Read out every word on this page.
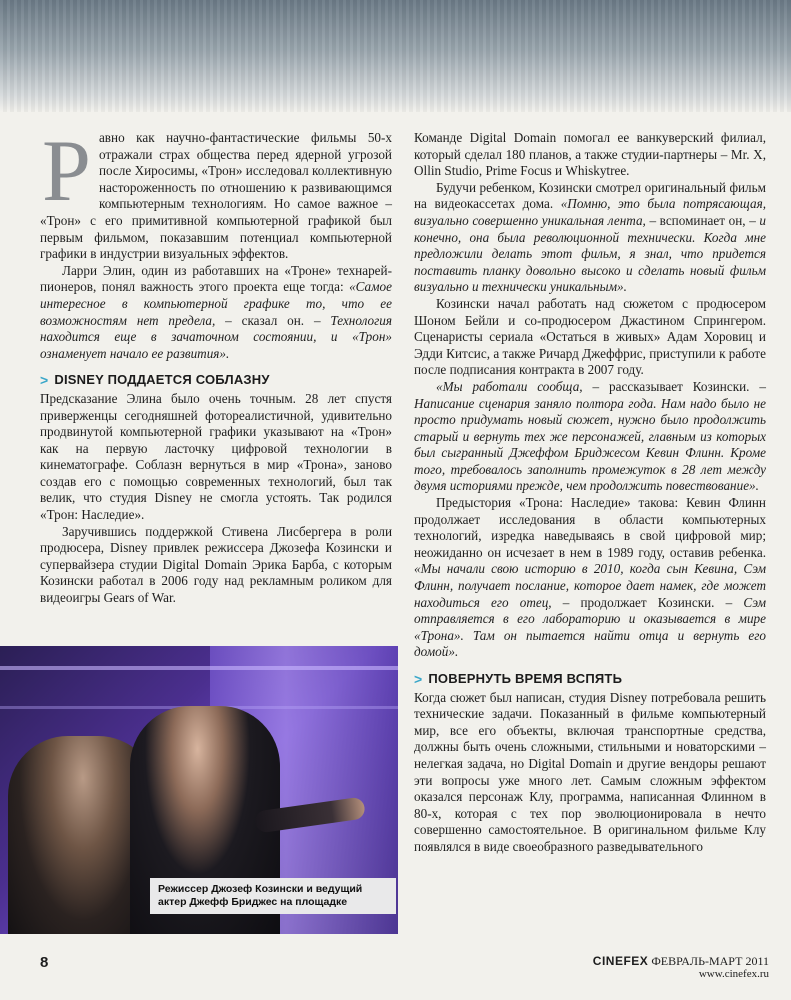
Равно как научно-фантастические фильмы 50-х отражали страх общества перед ядерной угрозой после Хиросимы, «Трон» исследовал коллективную настороженность по отношению к развивающимся компьютерным технологиям. Но самое важное – «Трон» с его примитивной компьютерной графикой был первым фильмом, показавшим потенциал компьютерной графики в индустрии визуальных эффектов.

Ларри Элин, один из работавших на «Троне» технарей-пионеров, понял важность этого проекта еще тогда: «Самое интересное в компьютерной графике то, что ее возможностям нет предела, – сказал он. – Технология находится еще в зачаточном состоянии, и «Трон» ознаменует начало ее развития».

> DISNEY ПОДДАЕТСЯ СОБЛАЗНУ

Предсказание Элина было очень точным. 28 лет спустя приверженцы сегодняшней фотореалистичной, удивительно продвинутой компьютерной графики указывают на «Трон» как на первую ласточку цифровой технологии в кинематографе. Соблазн вернуться в мир «Трона», заново создав его с помощью современных технологий, был так велик, что студия Disney не смогла устоять. Так родился «Трон: Наследие».

Заручившись поддержкой Стивена Лисбергера в роли продюсера, Disney привлек режиссера Джозефа Козински и супервайзера студии Digital Domain Эрика Барба, с которым Козински работал в 2006 году над рекламным роликом для видеоигры Gears of War.

Режиссер Джозеф Козински и ведущий
актер Джефф Бриджес на площадке

Команде Digital Domain помогал ее ванкуверский филиал, который сделал 180 планов, а также студии-партнеры – Mr. X, Ollin Studio, Prime Focus и Whiskytree.

Будучи ребенком, Козински смотрел оригинальный фильм на видеокассетах дома. «Помню, это была потрясающая, визуально совершенно уникальная лента, – вспоминает он, – и конечно, она была революционной технически. Когда мне предложили делать этот фильм, я знал, что придется поставить планку довольно высоко и сделать новый фильм визуально и технически уникальным».

Козински начал работать над сюжетом с продюсером Шоном Бейли и со-продюсером Джастином Спрингером. Сценаристы сериала «Остаться в живых» Адам Хоровиц и Эдди Китсис, а также Ричард Джеффрис, приступили к работе после подписания контракта в 2007 году.

«Мы работали сообща, – рассказывает Козински. – Написание сценария заняло полтора года. Нам надо было не просто придумать новый сюжет, нужно было продолжить старый и вернуть тех же персонажей, главным из которых был сыгранный Джеффом Бриджесом Кевин Флинн. Кроме того, требовалось заполнить промежуток в 28 лет между двумя историями прежде, чем продолжить повествование».

Предыстория «Трона: Наследие» такова: Кевин Флинн продолжает исследования в области компьютерных технологий, изредка наведываясь в свой цифровой мир; неожиданно он исчезает в нем в 1989 году, оставив ребенка. «Мы начали свою историю в 2010, когда сын Кевина, Сэм Флинн, получает послание, которое дает намек, где может находиться его отец, – продолжает Козински. – Сэм отправляется в его лабораторию и оказывается в мире «Трона». Там он пытается найти отца и вернуть его домой».

> ПОВЕРНУТЬ ВРЕМЯ ВСПЯТЬ

Когда сюжет был написан, студия Disney потребовала решить технические задачи. Показанный в фильме компьютерный мир, все его объекты, включая транспортные средства, должны быть очень сложными, стильными и новаторскими – нелегкая задача, но Digital Domain и другие вендоры решают эти вопросы уже много лет. Самым сложным эффектом оказался персонаж Клу, программа, написанная Флинном в 80-х, которая с тех пор эволюционировала в нечто совершенно самостоятельное. В оригинальном фильме Клу появлялся в виде своеобразного разведывательного

8	CINEFEX ФЕВРАЛЬ-МАРТ 2011
www.cinefex.ru
